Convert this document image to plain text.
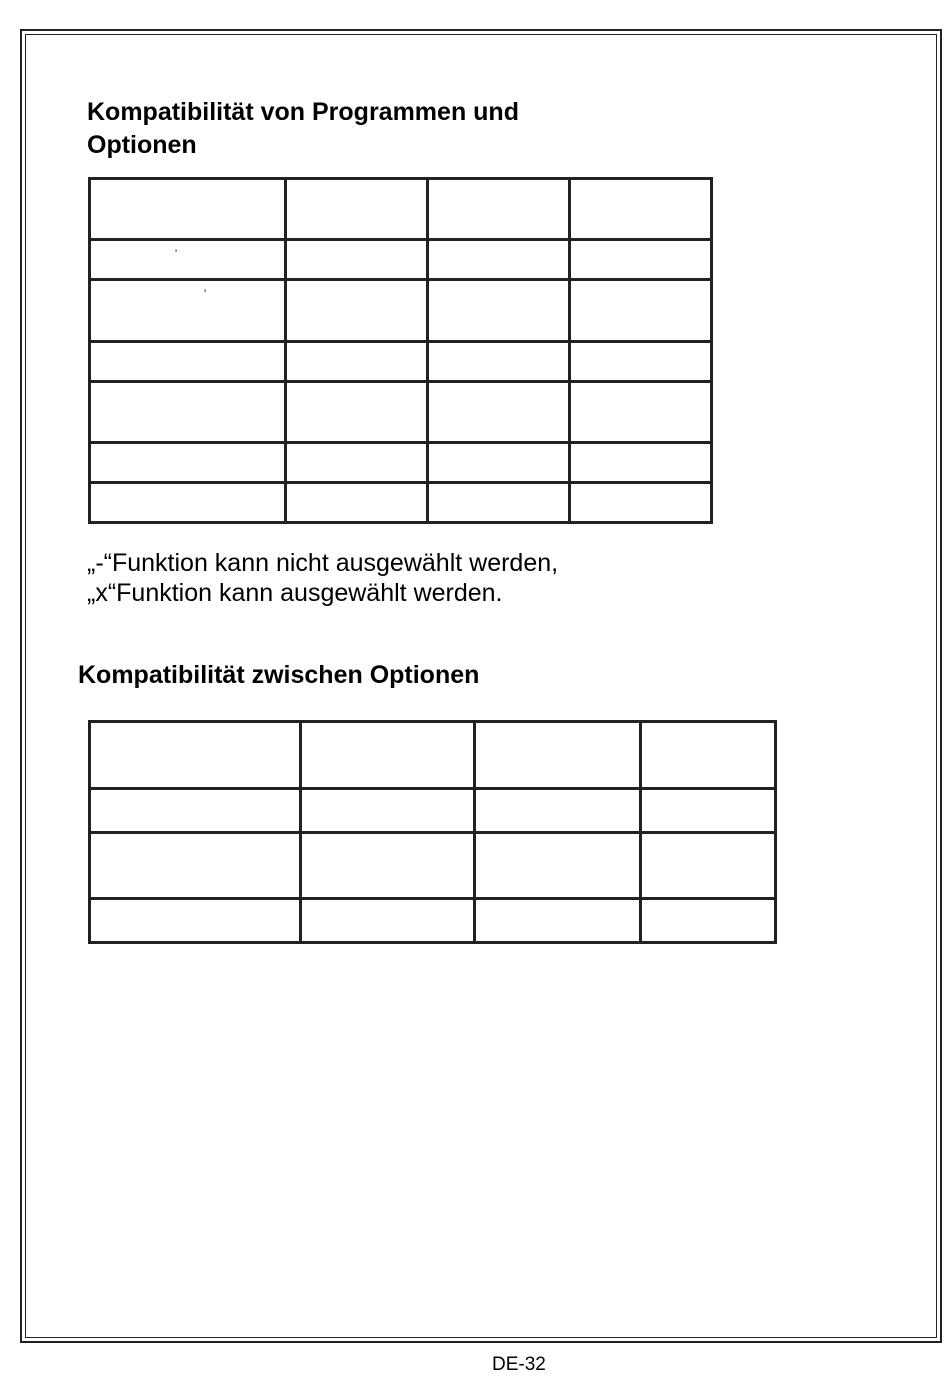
Kompatibilität von Programmen und
Optionen

'			

'			

„-“Funktion kann nicht ausgewählt werden,
„x“Funktion kann ausgewählt werden.
Kompatibilität zwischen Optionen

DE-32
